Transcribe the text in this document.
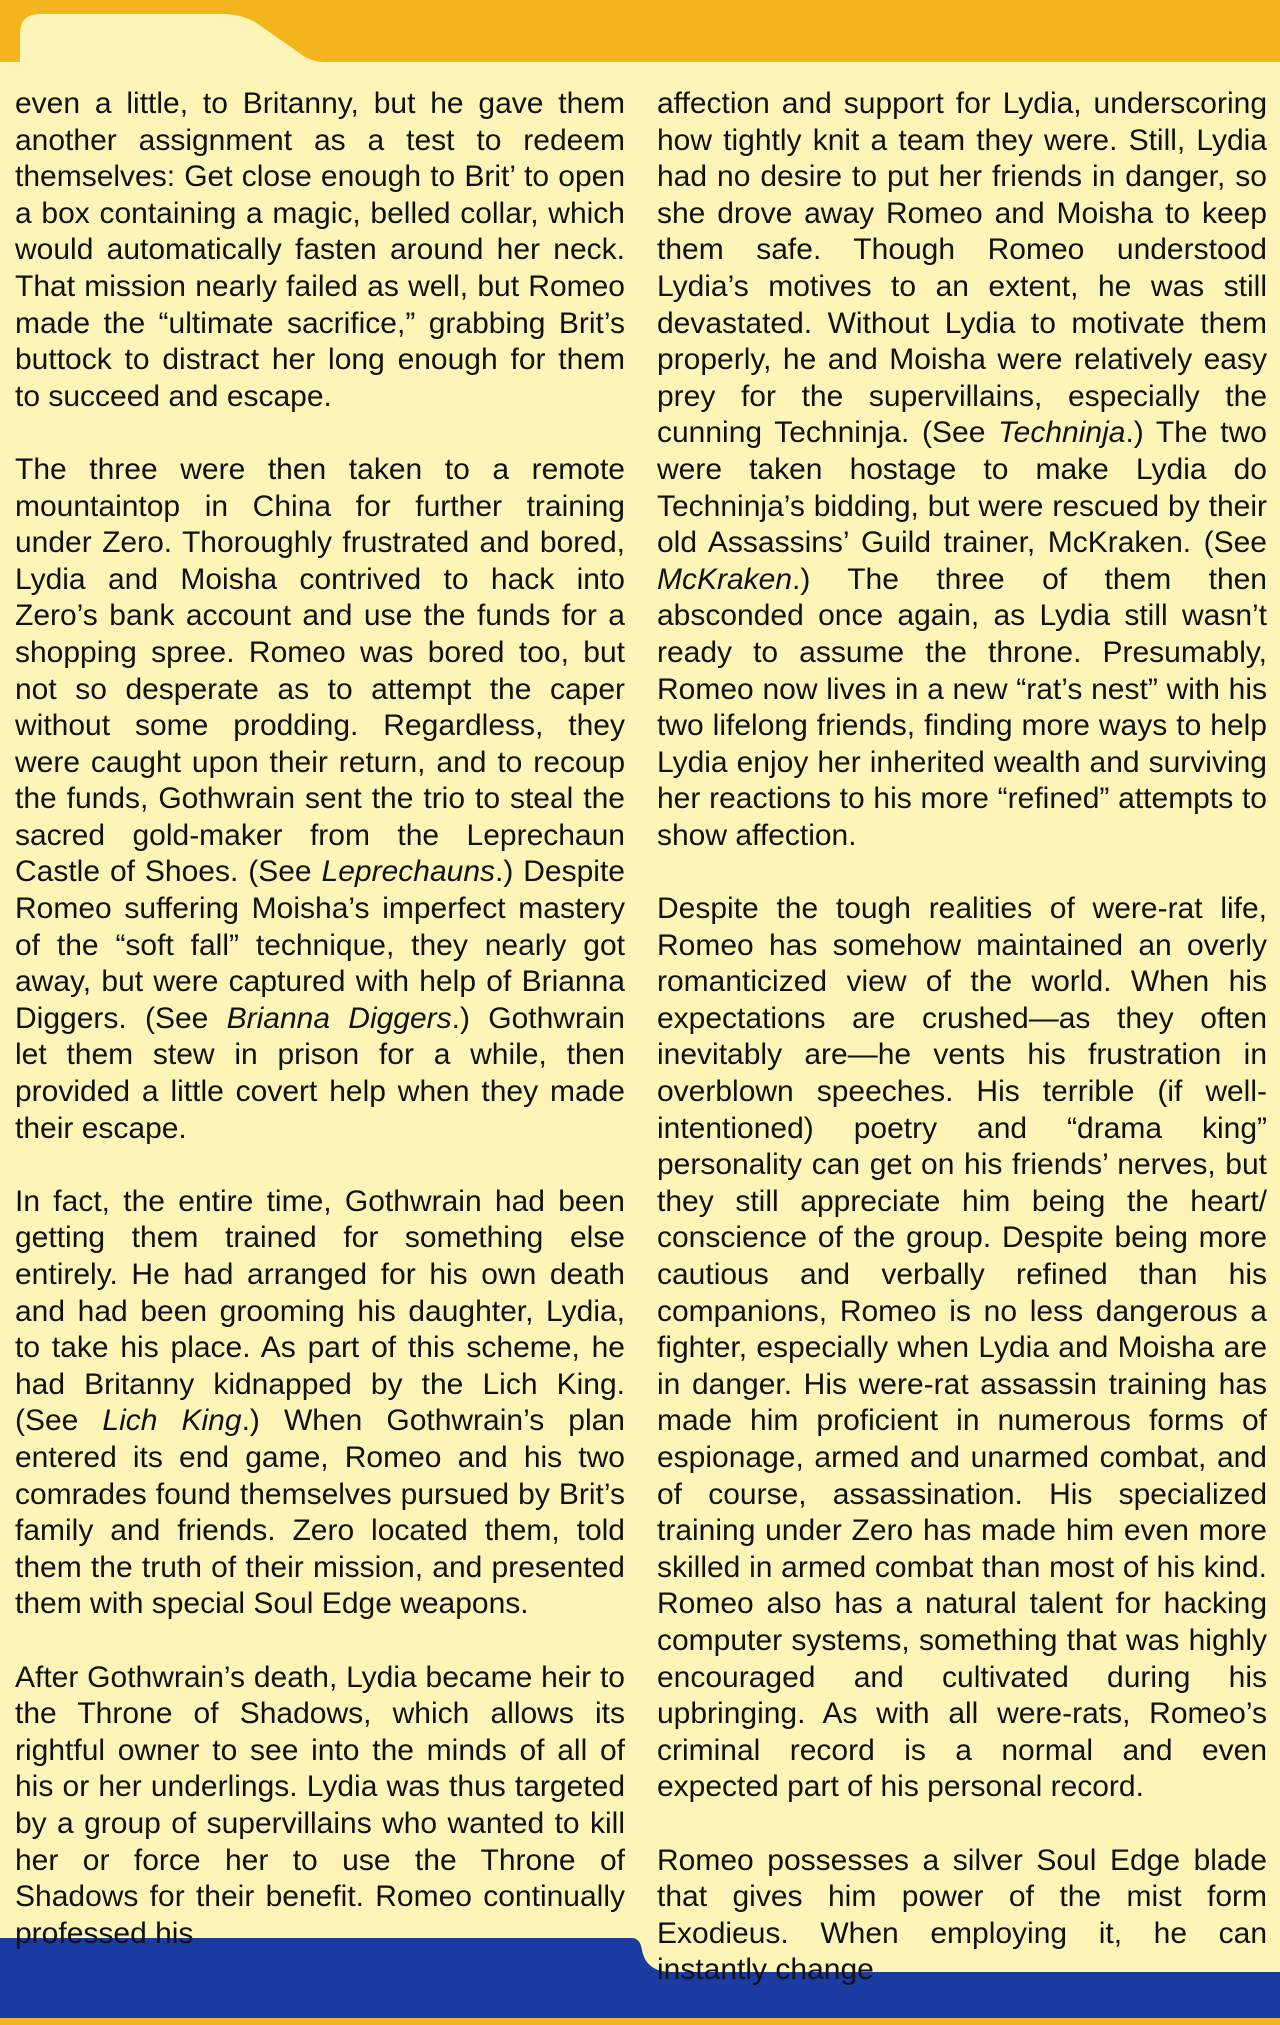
even a little, to Britanny, but he gave them another assignment as a test to redeem themselves: Get close enough to Brit’ to open a box containing a magic, belled collar, which would automatically fasten around her neck. That mission nearly failed as well, but Romeo made the “ultimate sacrifice,” grabbing Brit’s buttock to distract her long enough for them to succeed and escape.

The three were then taken to a remote mountaintop in China for further training under Zero. Thoroughly frustrated and bored, Lydia and Moisha contrived to hack into Zero’s bank account and use the funds for a shopping spree. Romeo was bored too, but not so desperate as to attempt the caper without some prodding. Regardless, they were caught upon their return, and to recoup the funds, Gothwrain sent the trio to steal the sacred gold-maker from the Leprechaun Castle of Shoes. (See Leprechauns.) Despite Romeo suffering Moisha’s imperfect mastery of the “soft fall” technique, they nearly got away, but were captured with help of Brianna Diggers. (See Brianna Diggers.) Gothwrain let them stew in prison for a while, then provided a little covert help when they made their escape.

In fact, the entire time, Gothwrain had been getting them trained for something else entirely. He had arranged for his own death and had been grooming his daughter, Lydia, to take his place. As part of this scheme, he had Britanny kidnapped by the Lich King. (See Lich King.) When Gothwrain’s plan entered its end game, Romeo and his two comrades found themselves pursued by Brit’s family and friends. Zero located them, told them the truth of their mission, and presented them with special Soul Edge weapons.

After Gothwrain’s death, Lydia became heir to the Throne of Shadows, which allows its rightful owner to see into the minds of all of his or her underlings. Lydia was thus targeted by a group of supervillains who wanted to kill her or force her to use the Throne of Shadows for their benefit. Romeo continually professed his

affection and support for Lydia, underscoring how tightly knit a team they were. Still, Lydia had no desire to put her friends in danger, so she drove away Romeo and Moisha to keep them safe. Though Romeo understood Lydia’s motives to an extent, he was still devastated. Without Lydia to motivate them properly, he and Moisha were relatively easy prey for the supervillains, especially the cunning Techninja. (See Techninja.) The two were taken hostage to make Lydia do Techninja’s bidding, but were rescued by their old Assassins’ Guild trainer, McKraken. (See McKraken.) The three of them then absconded once again, as Lydia still wasn’t ready to assume the throne. Presumably, Romeo now lives in a new “rat’s nest” with his two lifelong friends, finding more ways to help Lydia enjoy her inherited wealth and surviving her reactions to his more “refined” attempts to show affection.

Despite the tough realities of were-rat life, Romeo has somehow maintained an overly romanticized view of the world. When his expectations are crushed—as they often inevitably are—he vents his frustration in overblown speeches. His terrible (if well-intentioned) poetry and “drama king” personality can get on his friends’ nerves, but they still appreciate him being the heart/ conscience of the group. Despite being more cautious and verbally refined than his companions, Romeo is no less dangerous a fighter, especially when Lydia and Moisha are in danger. His were-rat assassin training has made him proficient in numerous forms of espionage, armed and unarmed combat, and of course, assassination. His specialized training under Zero has made him even more skilled in armed combat than most of his kind. Romeo also has a natural talent for hacking computer systems, something that was highly encouraged and cultivated during his upbringing. As with all were-rats, Romeo’s criminal record is a normal and even expected part of his personal record.

Romeo possesses a silver Soul Edge blade that gives him power of the mist form Exodieus. When employing it, he can instantly change
